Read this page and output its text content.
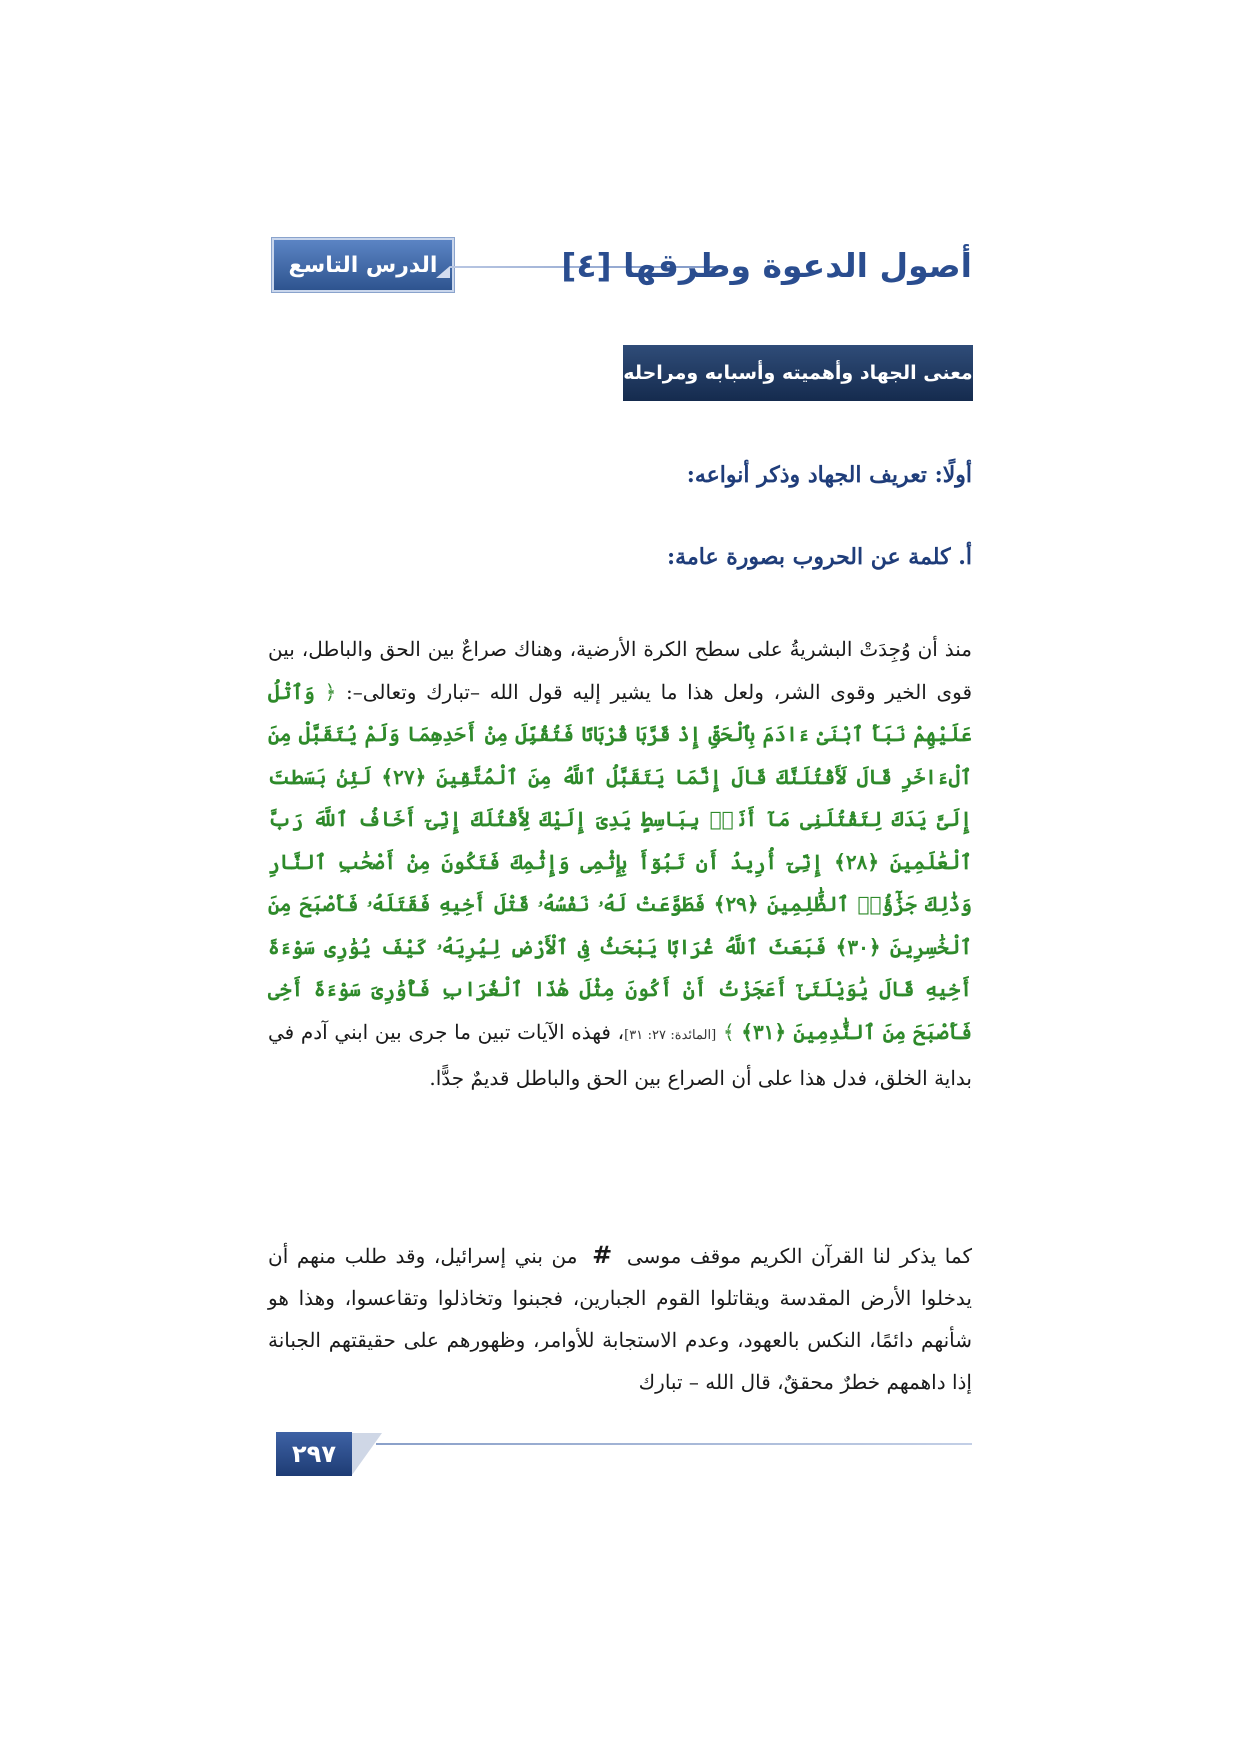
الدرس التاسع	أصول الدعوة وطرقها [٤]
معنى الجهاد وأهميته وأسبابه ومراحله
أولًا: تعريف الجهاد وذكر أنواعه:
أ. كلمة عن الحروب بصورة عامة:
منذ أن وُجِدَتْ البشريةُ على سطح الكرة الأرضية، وهناك صراعٌ بين الحق والباطل، بين قوى الخير وقوى الشر، ولعل هذا ما يشير إليه قول الله –تبارك وتعالى–: ﴿ وَٱتْلُ عَلَيْهِمْ نَبَأَ ٱبْنَىْ ءَادَمَ بِٱلْحَقِّ إِذْ قَرَّبَا قُرْبَانًا فَتُقُبِّلَ مِنْ أَحَدِهِمَا وَلَمْ يُتَقَبَّلْ مِنَ ٱلْءَاخَرِ قَالَ لَأَقْتُلَنَّكَ قَالَ إِنَّمَا يَتَقَبَّلُ ٱللَّهُ مِنَ ٱلْمُتَّقِينَ ﴿٢٧﴾ لَئِنۢ بَسَطتَ إِلَىَّ يَدَكَ لِتَقْتُلَنِى مَآ أَنَا۠ بِبَاسِطٍ يَدِىَ إِلَيْكَ لِأَقْتُلَكَ إِنِّىٓ أَخَافُ ٱللَّهَ رَبَّ ٱلْعَٰلَمِينَ ﴿٢٨﴾ إِنِّىٓ أُرِيدُ أَن تَبُوٓأَ بِإِثْمِى وَإِثْمِكَ فَتَكُونَ مِنْ أَصْحَٰبِ ٱلنَّارِ وَذَٰلِكَ جَزَٰٓؤُا۟ ٱلظَّٰلِمِينَ ﴿٢٩﴾ فَطَوَّعَتْ لَهُۥ نَفْسُهُۥ قَتْلَ أَخِيهِ فَقَتَلَهُۥ فَأَصْبَحَ مِنَ ٱلْخَٰسِرِينَ ﴿٣٠﴾ فَبَعَثَ ٱللَّهُ غُرَابًا يَبْحَثُ فِى ٱلْأَرْضِ لِيُرِيَهُۥ كَيْفَ يُوَٰرِى سَوْءَةَ أَخِيهِ قَالَ يَٰوَيْلَتَىٰٓ أَعَجَزْتُ أَنْ أَكُونَ مِثْلَ هَٰذَا ٱلْغُرَابِ فَأُوَٰرِىَ سَوْءَةَ أَخِى فَأَصْبَحَ مِنَ ٱلنَّٰدِمِينَ ﴿٣١﴾ ﴾ [المائدة: ٢٧: ٣١]، فهذه الآيات تبين ما جرى بين ابني آدم في بداية الخلق، فدل هذا على أن الصراع بين الحق والباطل قديمٌ جدًّا.
كما يذكر لنا القرآن الكريم موقف موسى # من بني إسرائيل، وقد طلب منهم أن يدخلوا الأرض المقدسة ويقاتلوا القوم الجبارين، فجبنوا وتخاذلوا وتقاعسوا، وهذا هو شأنهم دائمًا، النكس بالعهود، وعدم الاستجابة للأوامر، وظهورهم على حقيقتهم الجبانة إذا داهمهم خطرٌ محققٌ، قال الله – تبارك
٢٩٧
